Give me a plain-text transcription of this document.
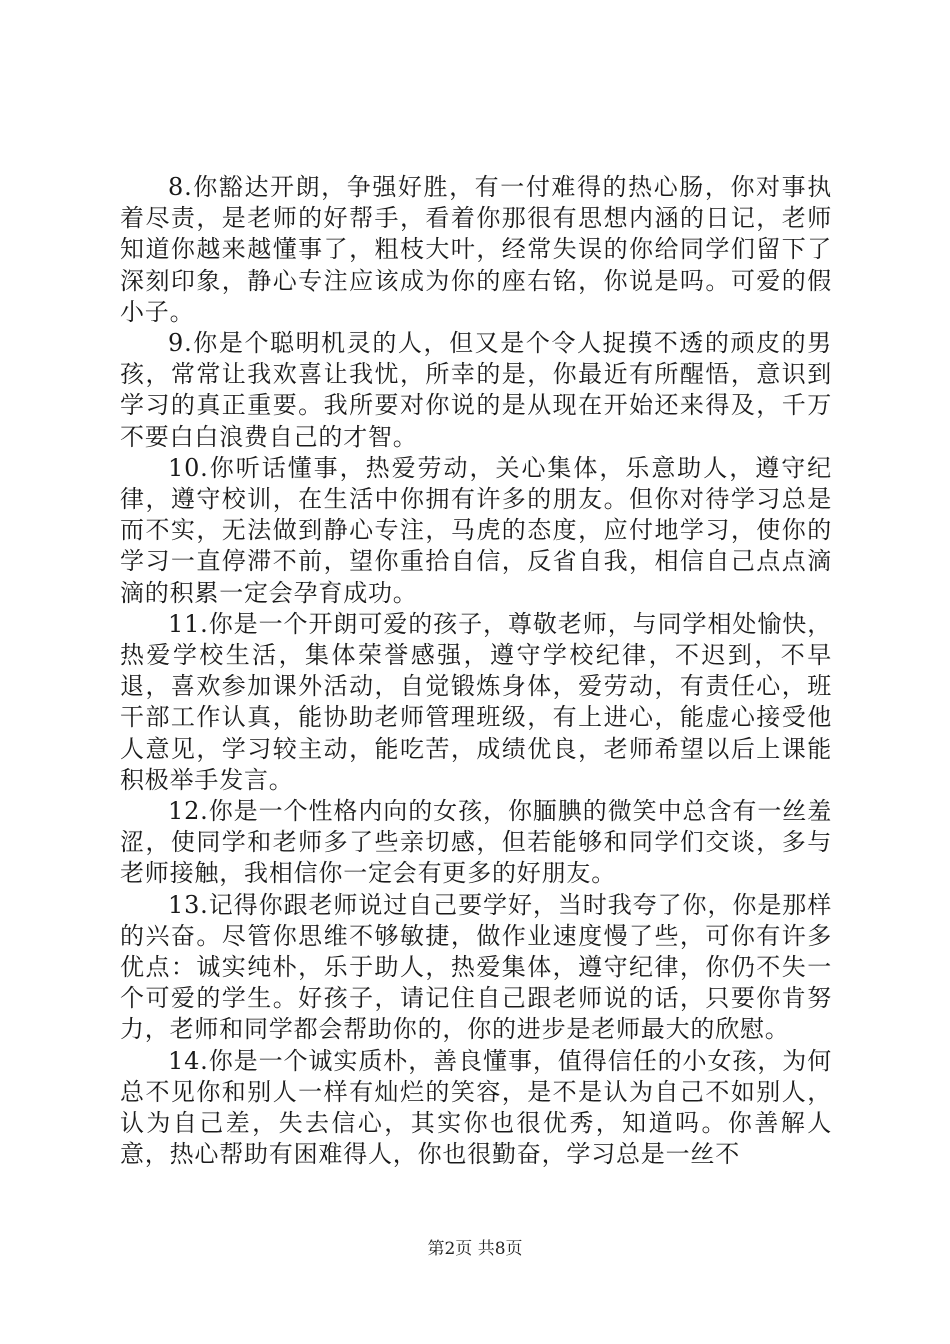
8.你豁达开朗，争强好胜，有一付难得的热心肠，你对事执着尽责，是老师的好帮手，看着你那很有思想内涵的日记，老师知道你越来越懂事了，粗枝大叶，经常失误的你给同学们留下了深刻印象，静心专注应该成为你的座右铭，你说是吗。可爱的假小子。

9.你是个聪明机灵的人，但又是个令人捉摸不透的顽皮的男孩，常常让我欢喜让我忧，所幸的是，你最近有所醒悟，意识到学习的真正重要。我所要对你说的是从现在开始还来得及，千万不要白白浪费自己的才智。

10.你听话懂事，热爱劳动，关心集体，乐意助人，遵守纪律，遵守校训，在生活中你拥有许多的朋友。但你对待学习总是而不实，无法做到静心专注，马虎的态度，应付地学习，使你的学习一直停滞不前，望你重拾自信，反省自我，相信自己点点滴滴的积累一定会孕育成功。

11.你是一个开朗可爱的孩子，尊敬老师，与同学相处愉快，热爱学校生活，集体荣誉感强，遵守学校纪律，不迟到，不早退，喜欢参加课外活动，自觉锻炼身体，爱劳动，有责任心，班干部工作认真，能协助老师管理班级，有上进心，能虚心接受他人意见，学习较主动，能吃苦，成绩优良，老师希望以后上课能积极举手发言。

12.你是一个性格内向的女孩，你腼腆的微笑中总含有一丝羞涩，使同学和老师多了些亲切感，但若能够和同学们交谈，多与老师接触，我相信你一定会有更多的好朋友。

13.记得你跟老师说过自己要学好，当时我夸了你，你是那样的兴奋。尽管你思维不够敏捷，做作业速度慢了些，可你有许多优点：诚实纯朴，乐于助人，热爱集体，遵守纪律，你仍不失一个可爱的学生。好孩子，请记住自己跟老师说的话，只要你肯努力，老师和同学都会帮助你的，你的进步是老师最大的欣慰。

14.你是一个诚实质朴，善良懂事，值得信任的小女孩，为何总不见你和别人一样有灿烂的笑容，是不是认为自己不如别人，认为自己差，失去信心，其实你也很优秀，知道吗。你善解人意，热心帮助有困难得人，你也很勤奋，学习总是一丝不

第2页 共8页
